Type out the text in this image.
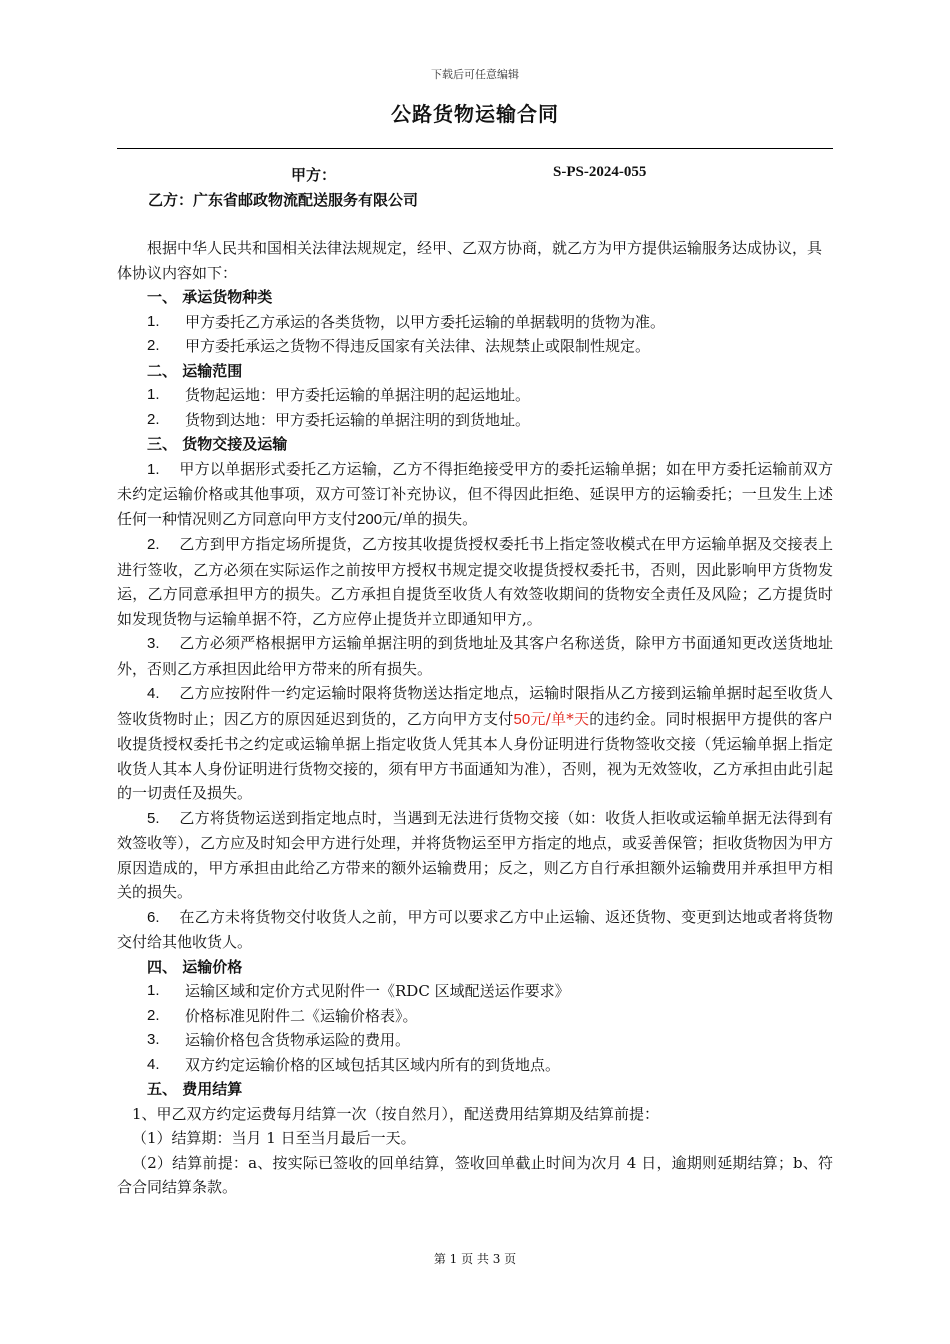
下载后可任意编辑
公路货物运输合同
甲方：	S-PS-2024-055
乙方：广东省邮政物流配送服务有限公司

根据中华人民共和国相关法律法规规定，经甲、乙双方协商，就乙方为甲方提供运输服务达成协议，具体协议内容如下：

一、 承运货物种类

1.	甲方委托乙方承运的各类货物，以甲方委托运输的单据载明的货物为准。
2.	甲方委托承运之货物不得违反国家有关法律、法规禁止或限制性规定。

二、 运输范围

1.	货物起运地：甲方委托运输的单据注明的起运地址。
2.	货物到达地：甲方委托运输的单据注明的到货地址。

三、 货物交接及运输

1. 甲方以单据形式委托乙方运输，乙方不得拒绝接受甲方的委托运输单据；如在甲方委托运输前双方未约定运输价格或其他事项，双方可签订补充协议，但不得因此拒绝、延误甲方的运输委托；一旦发生上述任何一种情况则乙方同意向甲方支付200元/单的损失。

2. 乙方到甲方指定场所提货，乙方按其收提货授权委托书上指定签收模式在甲方运输单据及交接表上进行签收，乙方必须在实际运作之前按甲方授权书规定提交收提货授权委托书，否则，因此影响甲方货物发运，乙方同意承担甲方的损失。乙方承担自提货至收货人有效签收期间的货物安全责任及风险；乙方提货时如发现货物与运输单据不符，乙方应停止提货并立即通知甲方,。

3. 乙方必须严格根据甲方运输单据注明的到货地址及其客户名称送货，除甲方书面通知更改送货地址外，否则乙方承担因此给甲方带来的所有损失。

4. 乙方应按附件一约定运输时限将货物送达指定地点，运输时限指从乙方接到运输单据时起至收货人签收货物时止；因乙方的原因延迟到货的，乙方向甲方支付50元/单*天的违约金。同时根据甲方提供的客户收提货授权委托书之约定或运输单据上指定收货人凭其本人身份证明进行货物签收交接（凭运输单据上指定收货人其本人身份证明进行货物交接的，须有甲方书面通知为准），否则，视为无效签收，乙方承担由此引起的一切责任及损失。

5. 乙方将货物运送到指定地点时，当遇到无法进行货物交接（如：收货人拒收或运输单据无法得到有效签收等），乙方应及时知会甲方进行处理，并将货物运至甲方指定的地点，或妥善保管；拒收货物因为甲方原因造成的，甲方承担由此给乙方带来的额外运输费用；反之，则乙方自行承担额外运输费用并承担甲方相关的损失。

6. 在乙方未将货物交付收货人之前，甲方可以要求乙方中止运输、返还货物、变更到达地或者将货物交付给其他收货人。

四、 运输价格

1.	运输区域和定价方式见附件一《RDC 区域配送运作要求》
2.	价格标准见附件二《运输价格表》。
3.	运输价格包含货物承运险的费用。
4.	双方约定运输价格的区域包括其区域内所有的到货地点。

五、 费用结算

1、甲乙双方约定运费每月结算一次（按自然月），配送费用结算期及结算前提：

（1）结算期：当月 1 日至当月最后一天。

（2）结算前提：a、按实际已签收的回单结算，签收回单截止时间为次月 4 日，逾期则延期结算；b、符合合同结算条款。

第 1 页 共 3 页
